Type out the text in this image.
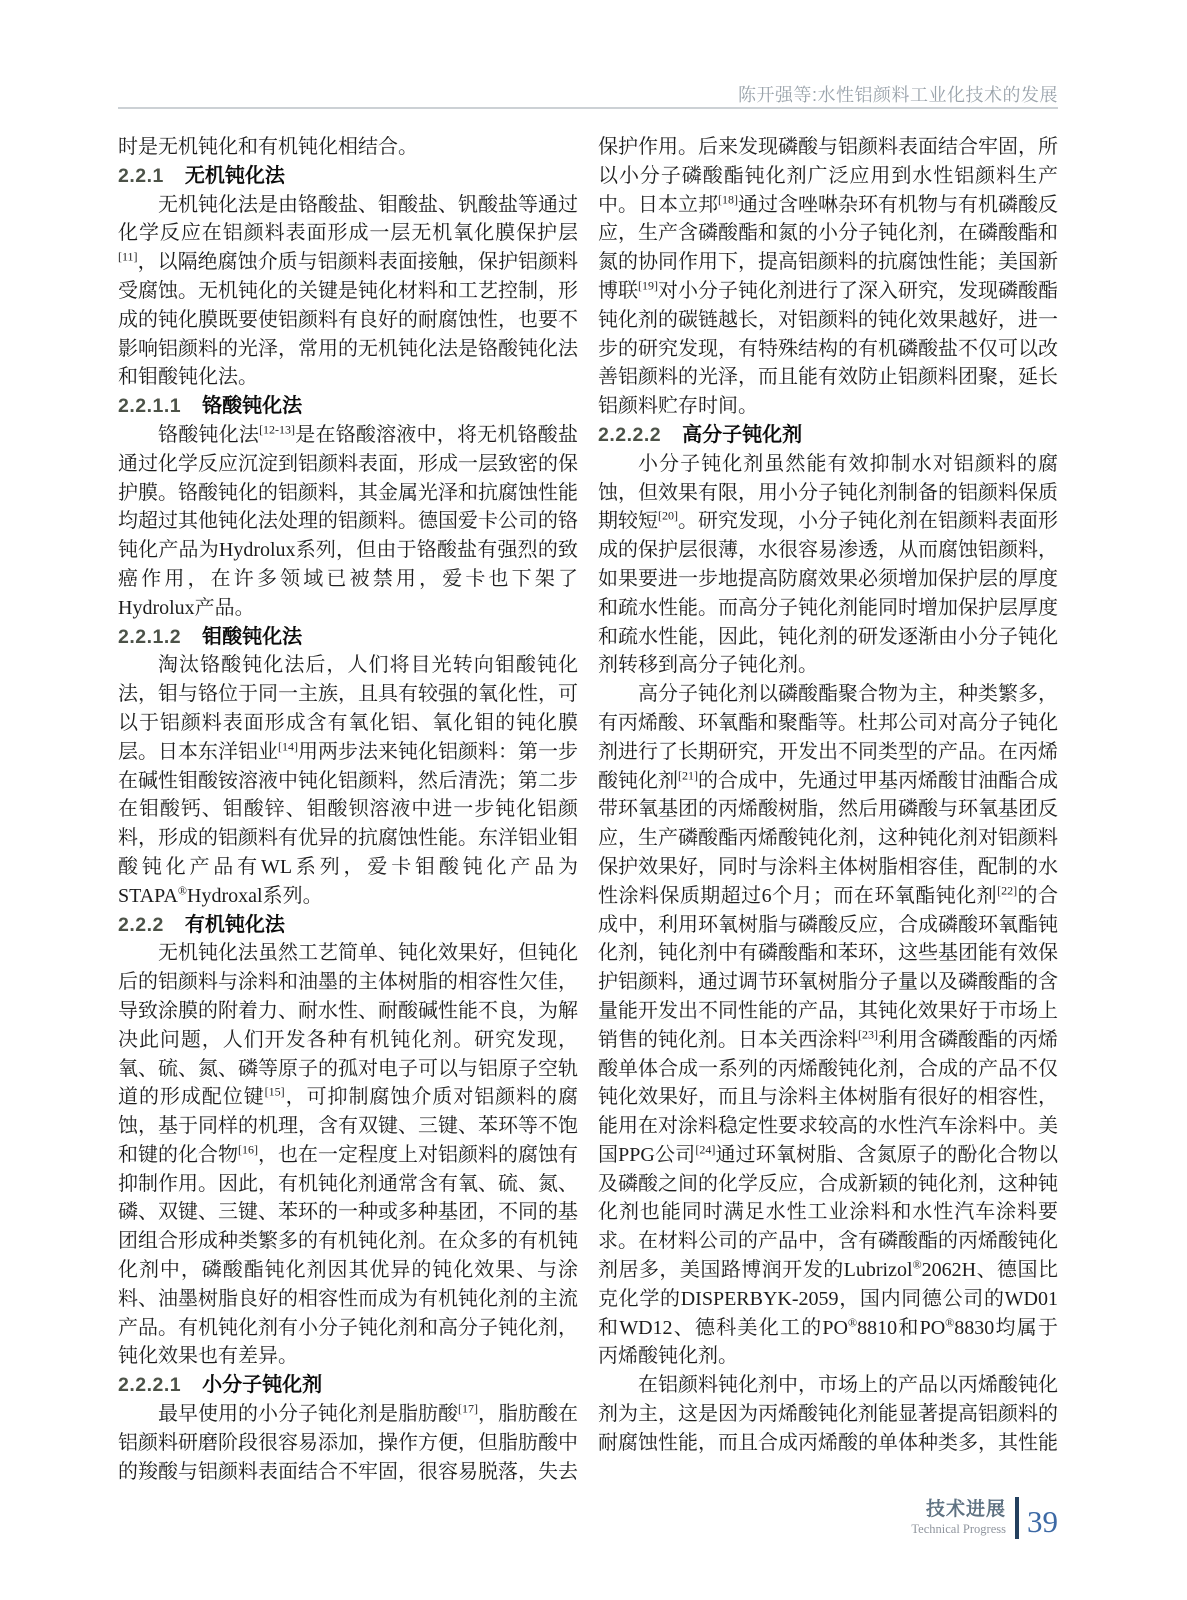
陈开强等:水性铝颜料工业化技术的发展

时是无机钝化和有机钝化相结合。

2.2.1 无机钝化法

无机钝化法是由铬酸盐、钼酸盐、钒酸盐等通过化学反应在铝颜料表面形成一层无机氧化膜保护层[11]，以隔绝腐蚀介质与铝颜料表面接触，保护铝颜料受腐蚀。无机钝化的关键是钝化材料和工艺控制，形成的钝化膜既要使铝颜料有良好的耐腐蚀性，也要不影响铝颜料的光泽，常用的无机钝化法是铬酸钝化法和钼酸钝化法。

2.2.1.1 铬酸钝化法

铬酸钝化法[12-13]是在铬酸溶液中，将无机铬酸盐通过化学反应沉淀到铝颜料表面，形成一层致密的保护膜。铬酸钝化的铝颜料，其金属光泽和抗腐蚀性能均超过其他钝化法处理的铝颜料。德国爱卡公司的铬钝化产品为Hydrolux系列，但由于铬酸盐有强烈的致癌作用，在许多领域已被禁用，爱卡也下架了Hydrolux产品。

2.2.1.2 钼酸钝化法

淘汰铬酸钝化法后，人们将目光转向钼酸钝化法，钼与铬位于同一主族，且具有较强的氧化性，可以于铝颜料表面形成含有氧化铝、氧化钼的钝化膜层。日本东洋铝业[14]用两步法来钝化铝颜料：第一步在碱性钼酸铵溶液中钝化铝颜料，然后清洗；第二步在钼酸钙、钼酸锌、钼酸钡溶液中进一步钝化铝颜料，形成的铝颜料有优异的抗腐蚀性能。东洋铝业钼酸钝化产品有WL系列，爱卡钼酸钝化产品为STAPA®Hydroxal系列。

2.2.2 有机钝化法

无机钝化法虽然工艺简单、钝化效果好，但钝化后的铝颜料与涂料和油墨的主体树脂的相容性欠佳，导致涂膜的附着力、耐水性、耐酸碱性能不良，为解决此问题，人们开发各种有机钝化剂。研究发现，氧、硫、氮、磷等原子的孤对电子可以与铝原子空轨道的形成配位键[15]，可抑制腐蚀介质对铝颜料的腐蚀，基于同样的机理，含有双键、三键、苯环等不饱和键的化合物[16]，也在一定程度上对铝颜料的腐蚀有抑制作用。因此，有机钝化剂通常含有氧、硫、氮、磷、双键、三键、苯环的一种或多种基团，不同的基团组合形成种类繁多的有机钝化剂。在众多的有机钝化剂中，磷酸酯钝化剂因其优异的钝化效果、与涂料、油墨树脂良好的相容性而成为有机钝化剂的主流产品。有机钝化剂有小分子钝化剂和高分子钝化剂，钝化效果也有差异。

2.2.2.1 小分子钝化剂

最早使用的小分子钝化剂是脂肪酸[17]，脂肪酸在铝颜料研磨阶段很容易添加，操作方便，但脂肪酸中的羧酸与铝颜料表面结合不牢固，很容易脱落，失去

保护作用。后来发现磷酸与铝颜料表面结合牢固，所以小分子磷酸酯钝化剂广泛应用到水性铝颜料生产中。日本立邦[18]通过含唑啉杂环有机物与有机磷酸反应，生产含磷酸酯和氮的小分子钝化剂，在磷酸酯和氮的协同作用下，提高铝颜料的抗腐蚀性能；美国新博联[19]对小分子钝化剂进行了深入研究，发现磷酸酯钝化剂的碳链越长，对铝颜料的钝化效果越好，进一步的研究发现，有特殊结构的有机磷酸盐不仅可以改善铝颜料的光泽，而且能有效防止铝颜料团聚，延长铝颜料贮存时间。

2.2.2.2 高分子钝化剂

小分子钝化剂虽然能有效抑制水对铝颜料的腐蚀，但效果有限，用小分子钝化剂制备的铝颜料保质期较短[20]。研究发现，小分子钝化剂在铝颜料表面形成的保护层很薄，水很容易渗透，从而腐蚀铝颜料，如果要进一步地提高防腐效果必须增加保护层的厚度和疏水性能。而高分子钝化剂能同时增加保护层厚度和疏水性能，因此，钝化剂的研发逐渐由小分子钝化剂转移到高分子钝化剂。

高分子钝化剂以磷酸酯聚合物为主，种类繁多，有丙烯酸、环氧酯和聚酯等。杜邦公司对高分子钝化剂进行了长期研究，开发出不同类型的产品。在丙烯酸钝化剂[21]的合成中，先通过甲基丙烯酸甘油酯合成带环氧基团的丙烯酸树脂，然后用磷酸与环氧基团反应，生产磷酸酯丙烯酸钝化剂，这种钝化剂对铝颜料保护效果好，同时与涂料主体树脂相容佳，配制的水性涂料保质期超过6个月；而在环氧酯钝化剂[22]的合成中，利用环氧树脂与磷酸反应，合成磷酸环氧酯钝化剂，钝化剂中有磷酸酯和苯环，这些基团能有效保护铝颜料，通过调节环氧树脂分子量以及磷酸酯的含量能开发出不同性能的产品，其钝化效果好于市场上销售的钝化剂。日本关西涂料[23]利用含磷酸酯的丙烯酸单体合成一系列的丙烯酸钝化剂，合成的产品不仅钝化效果好，而且与涂料主体树脂有很好的相容性，能用在对涂料稳定性要求较高的水性汽车涂料中。美国PPG公司[24]通过环氧树脂、含氮原子的酚化合物以及磷酸之间的化学反应，合成新颖的钝化剂，这种钝化剂也能同时满足水性工业涂料和水性汽车涂料要求。在材料公司的产品中，含有磷酸酯的丙烯酸钝化剂居多，美国路博润开发的Lubrizol®2062H、德国比克化学的DISPERBYK-2059，国内同德公司的WD01和WD12、德科美化工的PO®8810和PO®8830均属于丙烯酸钝化剂。

在铝颜料钝化剂中，市场上的产品以丙烯酸钝化剂为主，这是因为丙烯酸钝化剂能显著提高铝颜料的耐腐蚀性能，而且合成丙烯酸的单体种类多，其性能

技术进展
Technical Progress 39
